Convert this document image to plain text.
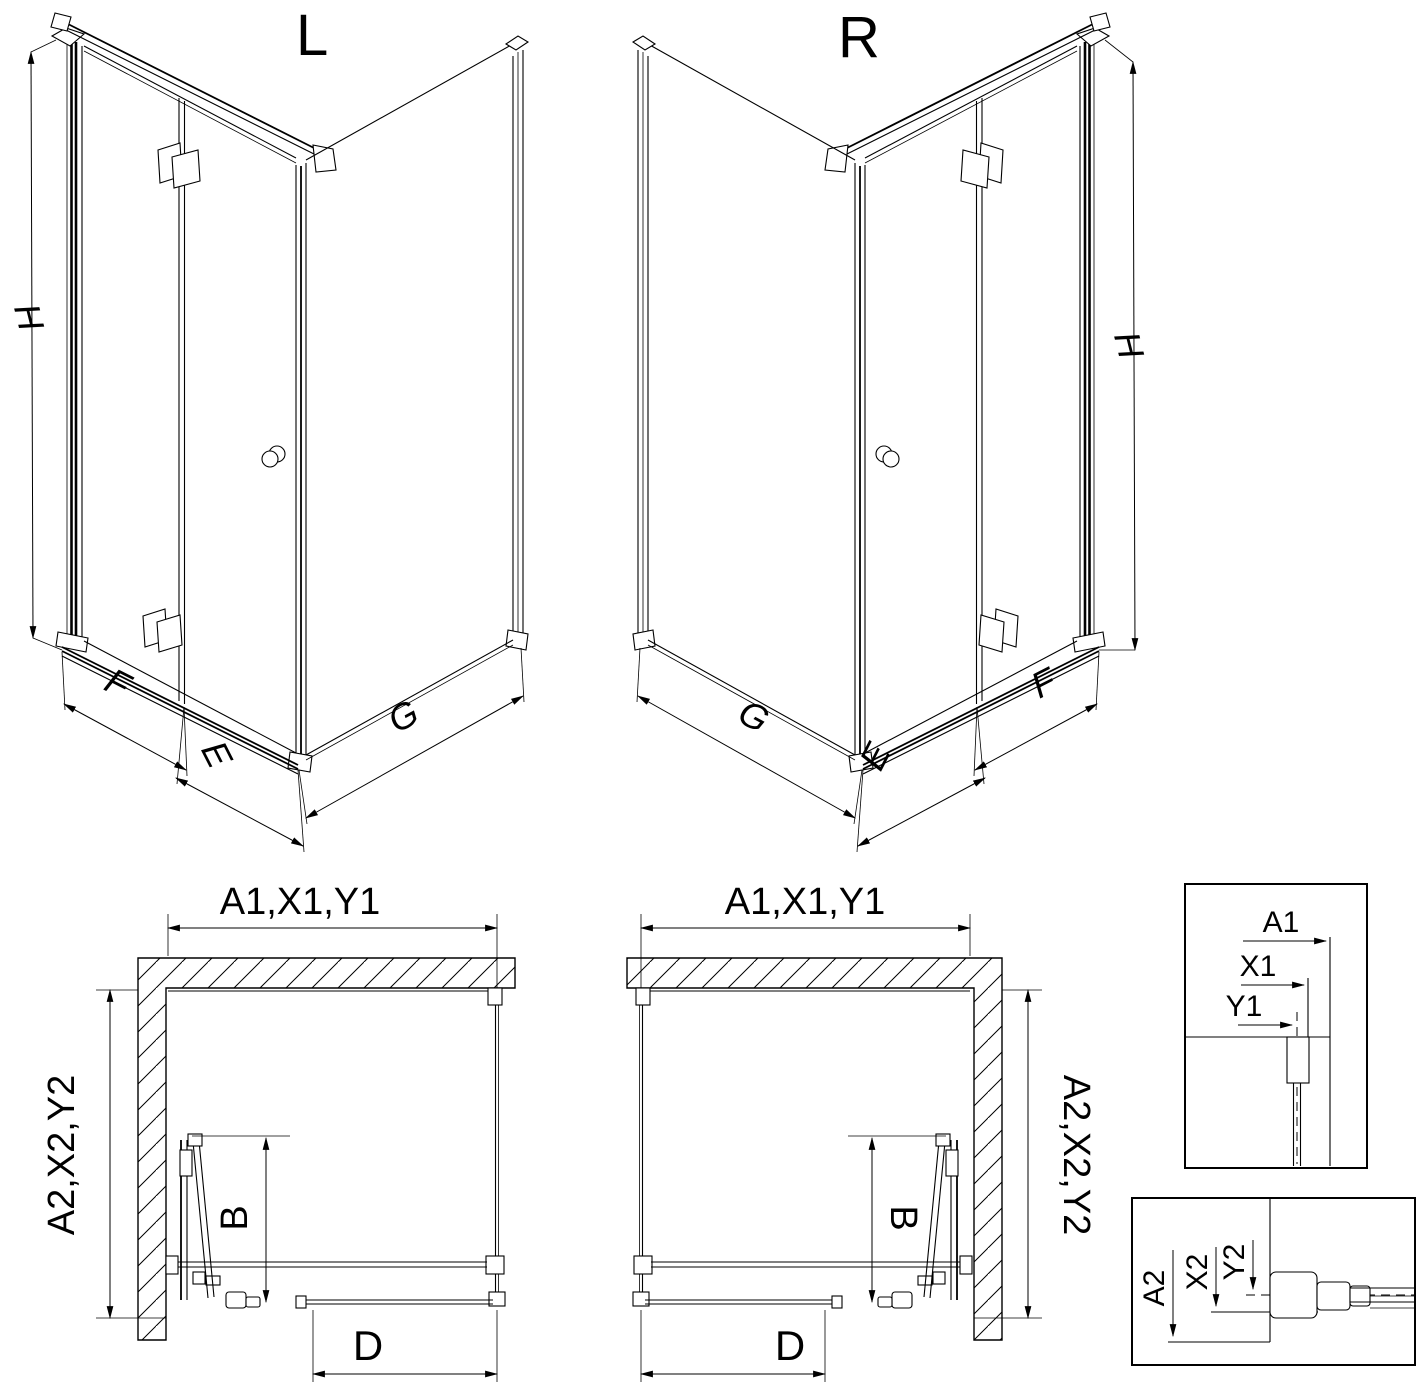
L
H
F
E
G
R
H
G
E
F
A1,X1,Y1
B
A2,X2,Y2
D
A1,X1,Y1
B	A2,X2,Y2
D
A1
X1
Y1
A2 X2 Y2
